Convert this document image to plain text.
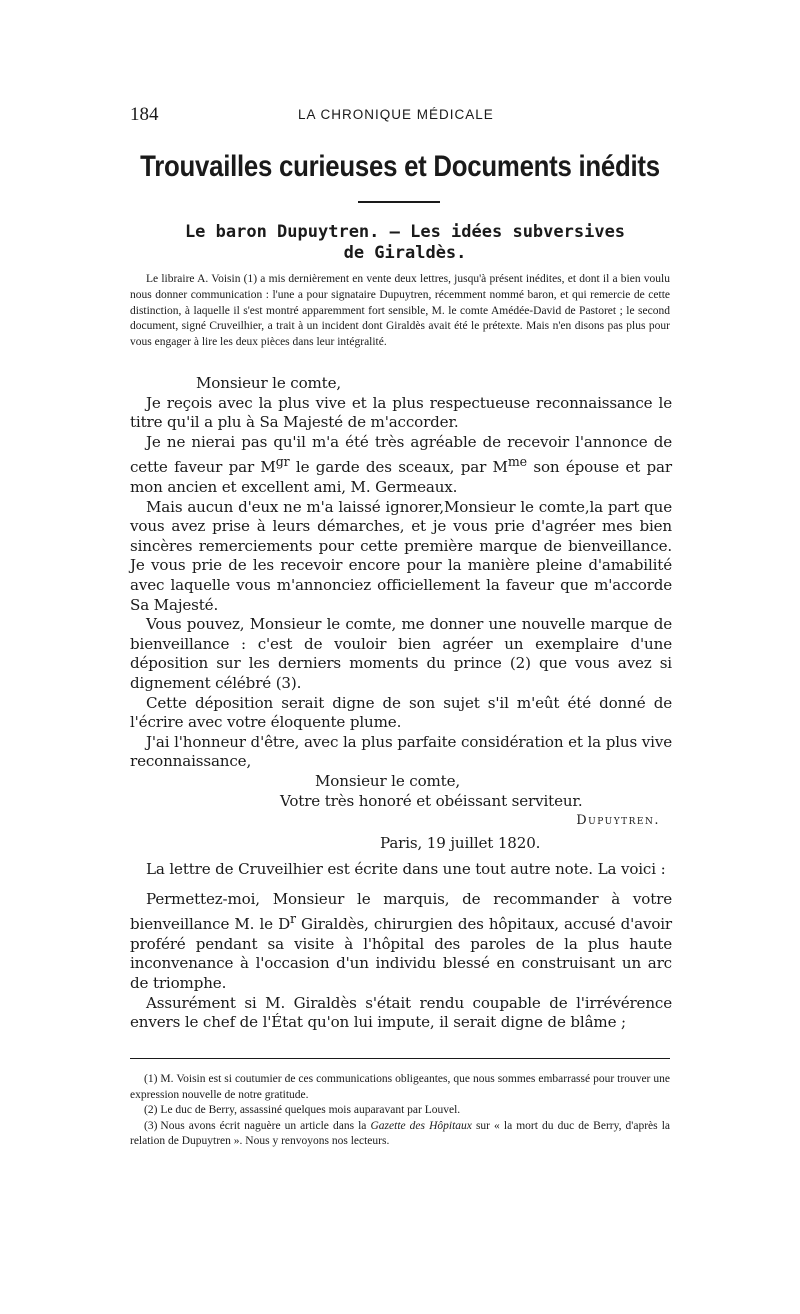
184	LA CHRONIQUE MÉDICALE
Trouvailles curieuses et Documents inédits
Le baron Dupuytren. — Les idées subversives
de Giraldès.
Le libraire A. Voisin (1) a mis dernièrement en vente deux lettres, jusqu'à présent inédites, et dont il a bien voulu nous donner communication : l'une a pour signataire Dupuytren, récemment nommé baron, et qui remercie de cette distinction, à laquelle il s'est montré apparemment fort sensible, M. le comte Amédée-David de Pastoret ; le second document, signé Cruveilhier, a trait à un incident dont Giraldès avait été le prétexte. Mais n'en disons pas plus pour vous engager à lire les deux pièces dans leur intégralité.

Monsieur le comte,

Je reçois avec la plus vive et la plus respectueuse reconnaissance le titre qu'il a plu à Sa Majesté de m'accorder.

Je ne nierai pas qu'il m'a été très agréable de recevoir l'annonce de cette faveur par $M^{gr}$ le garde des sceaux, par $M^{me}$ son épouse et par mon ancien et excellent ami, M. Germeaux.

Mais aucun d'eux ne m'a laissé ignorer,Monsieur le comte,la part que vous avez prise à leurs démarches, et je vous prie d'agréer mes bien sincères remerciements pour cette première marque de bienveillance. Je vous prie de les recevoir encore pour la manière pleine d'amabilité avec laquelle vous m'annonciez officiellement la faveur que m'accorde Sa Majesté.

Vous pouvez, Monsieur le comte, me donner une nouvelle marque de bienveillance : c'est de vouloir bien agréer un exemplaire d'une déposition sur les derniers moments du prince (2) que vous avez si dignement célébré (3).

Cette déposition serait digne de son sujet s'il m'eût été donné de l'écrire avec votre éloquente plume.

J'ai l'honneur d'être, avec la plus parfaite considération et la plus vive reconnaissance,

Monsieur le comte,
Votre très honoré et obéissant serviteur.
Dupuytren.
Paris, 19 juillet 1820.

La lettre de Cruveilhier est écrite dans une tout autre note. La voici :

Permettez-moi, Monsieur le marquis, de recommander à votre bienveillance M. le $D^r$ Giraldès, chirurgien des hôpitaux, accusé d'avoir proféré pendant sa visite à l'hôpital des paroles de la plus haute inconvenance à l'occasion d'un individu blessé en construisant un arc de triomphe.

Assurément si M. Giraldès s'était rendu coupable de l'irrévérence envers le chef de l'État qu'on lui impute, il serait digne de blâme ;

(1) M. Voisin est si coutumier de ces communications obligeantes, que nous sommes embarrassé pour trouver une expression nouvelle de notre gratitude.

(2) Le duc de Berry, assassiné quelques mois auparavant par Louvel.

(3) Nous avons écrit naguère un article dans la Gazette des Hôpitaux sur « la mort du duc de Berry, d'après la relation de Dupuytren ». Nous y renvoyons nos lecteurs.
